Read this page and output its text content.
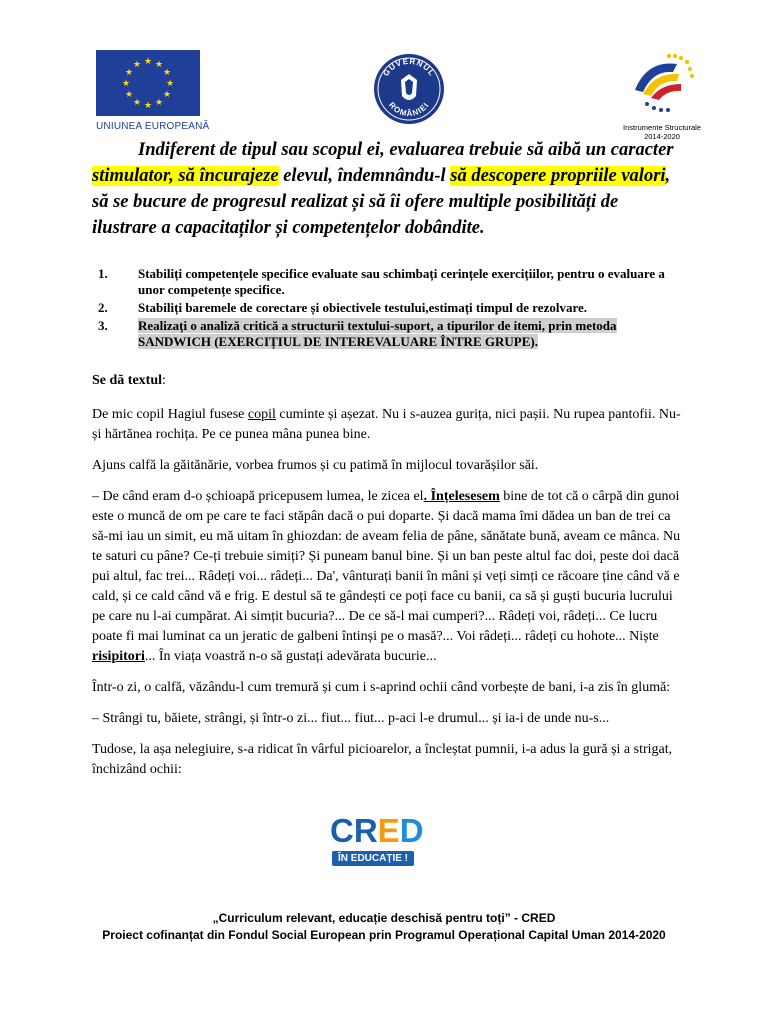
★ ★
★
★
★
★
★
★
★
★
★
★
UNIUNEA EUROPEANĂ
GUVERNUL
ROMÂNIEI
Instrumente Structurale
2014-2020
Indiferent de tipul sau scopul ei, evaluarea trebuie să aibă un caracter stimulator, să încurajeze elevul, îndemnându-l să descopere propriile valori, să se bucure de progresul realizat și să îi ofere multiple posibilități de ilustrare a capacitaților și competențelor dobândite.
1.	Stabiliți competențele specifice evaluate sau schimbați cerințele exercițiilor, pentru o evaluare a unor competențe specifice.
2.	Stabiliți baremele de corectare și obiectivele testului,estimați timpul de rezolvare.
3.	Realizați o analiză critică a structurii textului-suport, a tipurilor de itemi, prin metoda SANDWICH (EXERCIȚIUL DE INTEREVALUARE ÎNTRE GRUPE).

Se dă textul:

De mic copil Hagiul fusese copil cuminte și așezat. Nu i s-auzea gurița, nici pașii. Nu rupea pantofii. Nu-și hărtănea rochița. Pe ce punea mâna punea bine.

Ajuns calfă la găitănărie, vorbea frumos și cu patimă în mijlocul tovarășilor săi.

– De când eram d-o șchioapă pricepusem lumea, le zicea el. Înțelesesem bine de tot că o cârpă din gunoi este o muncă de om pe care te faci stăpân dacă o pui doparte. Și dacă mama îmi dădea un ban de trei ca să-mi iau un simit, eu mă uitam în ghiozdan: de aveam felia de pâne, sănătate bună, aveam ce mânca. Nu te saturi cu pâne? Ce-ți trebuie simiți? Și puneam banul bine. Și un ban peste altul fac doi, peste doi dacă pui altul, fac trei... Râdeți voi... râdeți... Da', vânturați banii în mâni și veți simți ce răcoare ține când vă e cald, și ce cald când vă e frig. E destul să te gândești ce poți face cu banii, ca să și guști bucuria lucrului pe care nu l-ai cumpărat. Ai simțit bucuria?... De ce să-l mai cumperi?... Râdeți voi, râdeți... Ce lucru poate fi mai luminat ca un jeratic de galbeni întinși pe o masă?... Voi râdeți... râdeți cu hohote... Niște risipitori... În viața voastră n-o să gustați adevărata bucurie...

Într-o zi, o calfă, văzându-l cum tremură și cum i s-aprind ochii când vorbește de bani, i-a zis în glumă:

– Strângi tu, băiete, strângi, și într-o zi... fiut... fiut... p-aci l-e drumul... și ia-i de unde nu-s...

Tudose, la așa nelegiuire, s-a ridicat în vârful picioarelor, a încleștat pumnii, i-a adus la gură și a strigat, închizând ochii:

CRED
ÎN EDUCAȚIE !
„Curriculum relevant, educație deschisă pentru toți” - CRED
Proiect cofinanțat din Fondul Social European prin Programul Operațional Capital Uman 2014-2020
